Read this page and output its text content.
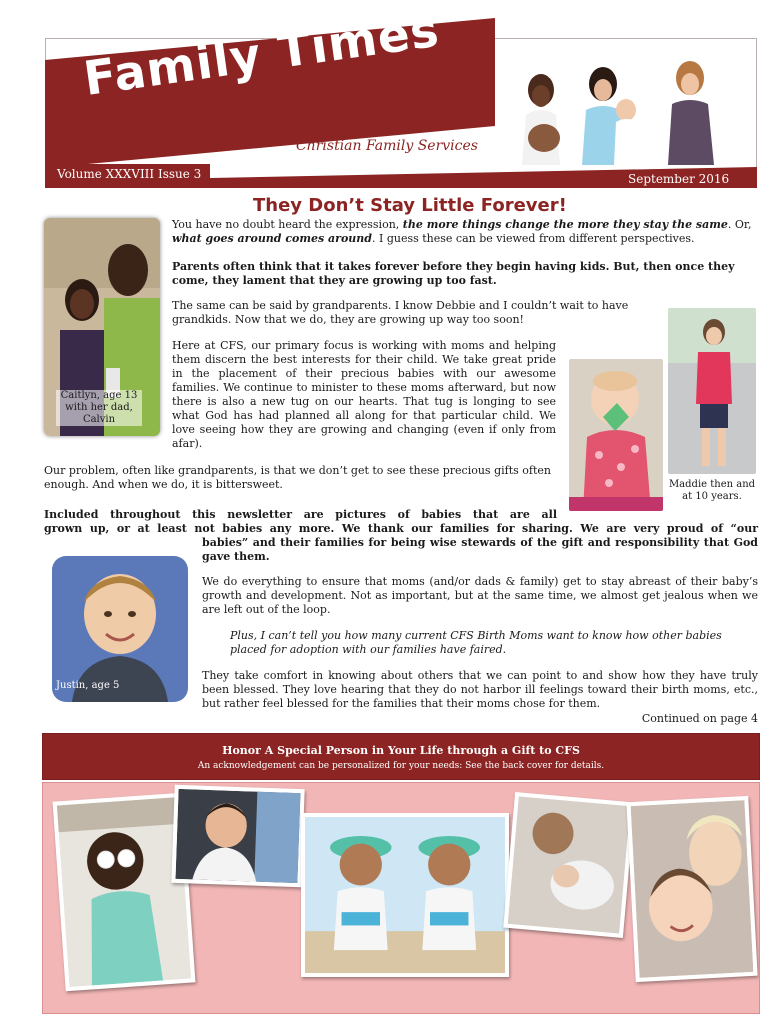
Family Times
Christian Family Services
Volume XXXVIII Issue 3	September 2016
They Don’t Stay Little Forever!
Caitlyn, age 13 with her dad, Calvin
You have no doubt heard the expression, the more things change the more they stay the same. Or, what goes around comes around. I guess these can be viewed from different perspectives.
Parents often think that it takes forever before they begin having kids. But, then once they come, they lament that they are growing up too fast.
The same can be said by grandparents. I know Debbie and I couldn’t wait to have grandkids. Now that we do, they are growing up way too soon!
Here at CFS, our primary focus is working with moms and helping them discern the best interests for their child. We take great pride in the placement of their precious babies with our awesome families. We continue to minister to these moms afterward, but now there is also a new tug on our hearts. That tug is longing to see what God has had planned all along for that particular child. We love seeing how they are growing and changing (even if only from afar).
Our problem, often like grandparents, is that we don’t get to see these precious gifts often enough. And when we do, it is bittersweet.	Maddie then and at 10 years.
Included throughout this newsletter are pictures of babies that are all
grown up, or at least not babies any more. We thank our families for sharing. We are very proud of “our
babies” and their families for being wise stewards of the gift and responsibility that God gave them.
Justin, age 5
We do everything to ensure that moms (and/or dads & family) get to stay abreast of their baby’s growth and development. Not as important, but at the same time, we almost get jealous when we are left out of the loop.
Plus, I can’t tell you how many current CFS Birth Moms want to know how other babies placed for adoption with our families have faired.
They take comfort in knowing about others that we can point to and show how they have truly been blessed. They love hearing that they do not harbor ill feelings toward their birth moms, etc., but rather feel blessed for the families that their moms chose for them.
Continued on page 4
Honor A Special Person in Your Life through a Gift to CFS
An acknowledgement can be personalized for your needs: See the back cover for details.
